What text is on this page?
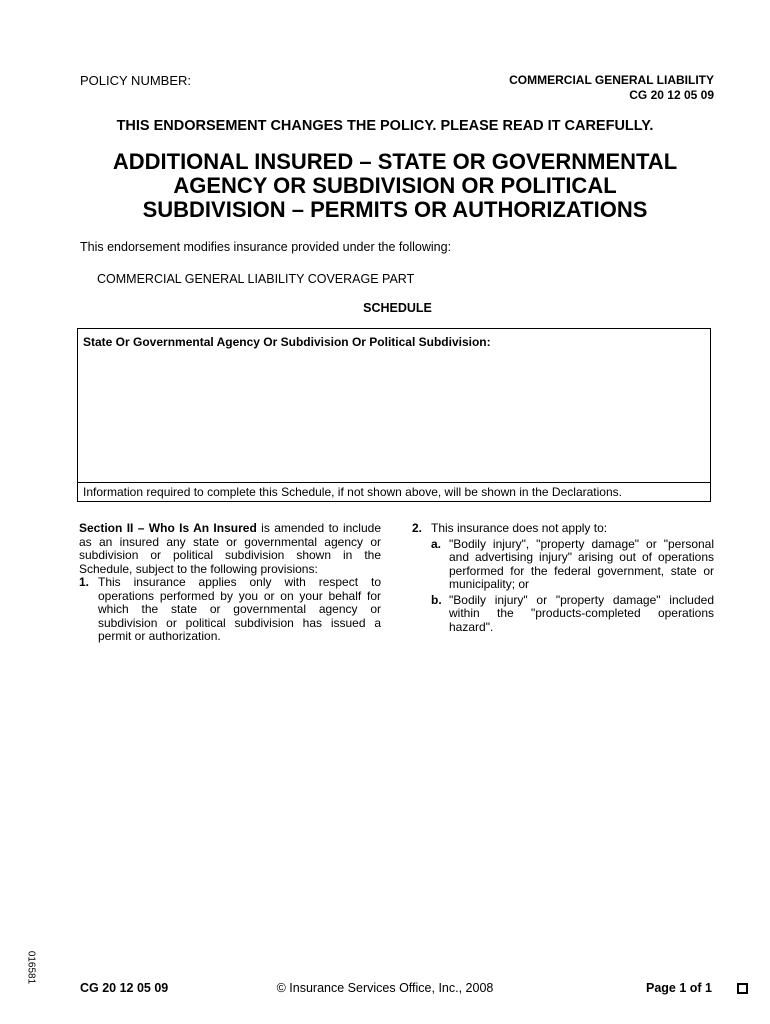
POLICY NUMBER:	COMMERCIAL GENERAL LIABILITY
CG 20 12 05 09
THIS ENDORSEMENT CHANGES THE POLICY. PLEASE READ IT CAREFULLY.
ADDITIONAL INSURED – STATE OR GOVERNMENTAL
AGENCY OR SUBDIVISION OR POLITICAL
SUBDIVISION – PERMITS OR AUTHORIZATIONS
This endorsement modifies insurance provided under the following:
COMMERCIAL GENERAL LIABILITY COVERAGE PART
SCHEDULE
State Or Governmental Agency Or Subdivision Or Political Subdivision:
Information required to complete this Schedule, if not shown above, will be shown in the Declarations.

Section II – Who Is An Insured is amended to include as an insured any state or governmental agency or subdivision or political subdivision shown in the Schedule, subject to the following provisions:

1. This insurance applies only with respect to operations performed by you or on your behalf for which the state or governmental agency or subdivision or political subdivision has issued a permit or authorization.
2. This insurance does not apply to:
a. "Bodily injury", "property damage" or "personal and advertising injury" arising out of operations performed for the federal government, state or municipality; or
b. "Bodily injury" or "property damage" included within the "products-completed operations hazard".
016581
CG 20 12 05 09	© Insurance Services Office, Inc., 2008	Page 1 of 1
